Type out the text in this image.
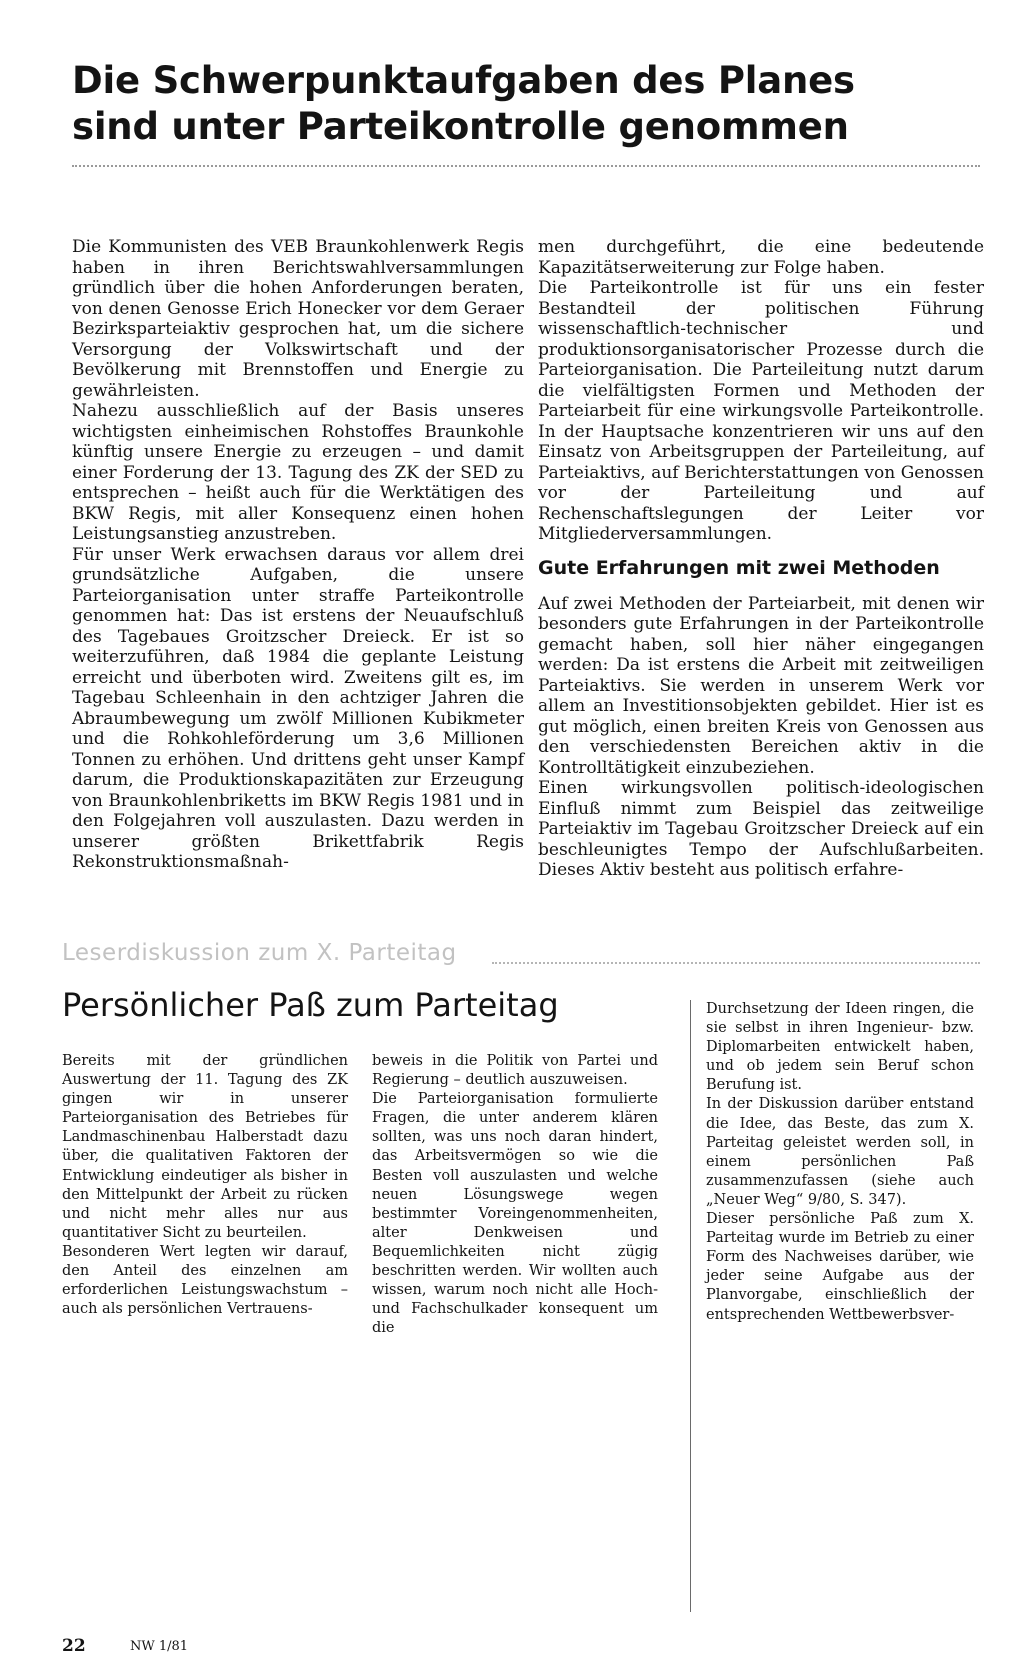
Die Schwerpunktaufgaben des Planes
sind unter Parteikontrolle genommen

Die Kommunisten des VEB Braunkohlenwerk Regis haben in ihren Berichtswahlversammlungen gründlich über die hohen Anforderungen beraten, von denen Genosse Erich Honecker vor dem Geraer Bezirksparteiaktiv gesprochen hat, um die sichere Versorgung der Volkswirtschaft und der Bevölkerung mit Brennstoffen und Energie zu gewährleisten.

Nahezu ausschließlich auf der Basis unseres wichtigsten einheimischen Rohstoffes Braunkohle künftig unsere Energie zu erzeugen – und damit einer Forderung der 13. Tagung des ZK der SED zu entsprechen – heißt auch für die Werktätigen des BKW Regis, mit aller Konsequenz einen hohen Leistungsanstieg anzustreben.

Für unser Werk erwachsen daraus vor allem drei grundsätzliche Aufgaben, die unsere Parteiorganisation unter straffe Parteikontrolle genommen hat: Das ist erstens der Neuaufschluß des Tagebaues Groitzscher Dreieck. Er ist so weiterzuführen, daß 1984 die geplante Leistung erreicht und überboten wird. Zweitens gilt es, im Tagebau Schleenhain in den achtziger Jahren die Abraumbewegung um zwölf Millionen Kubikmeter und die Rohkohleförderung um 3,6 Millionen Tonnen zu erhöhen. Und drittens geht unser Kampf darum, die Produktionskapazitäten zur Erzeugung von Braunkohlenbriketts im BKW Regis 1981 und in den Folgejahren voll auszulasten. Dazu werden in unserer größten Brikettfabrik Regis Rekonstruktionsmaßnah-

men durchgeführt, die eine bedeutende Kapazitätserweiterung zur Folge haben.

Die Parteikontrolle ist für uns ein fester Bestandteil der politischen Führung wissenschaftlich-technischer und produktionsorganisatorischer Prozesse durch die Parteiorganisation. Die Parteileitung nutzt darum die vielfältigsten Formen und Methoden der Parteiarbeit für eine wirkungsvolle Parteikontrolle. In der Hauptsache konzentrieren wir uns auf den Einsatz von Arbeitsgruppen der Parteileitung, auf Parteiaktivs, auf Berichterstattungen von Genossen vor der Parteileitung und auf Rechenschaftslegungen der Leiter vor Mitgliederversammlungen.

Gute Erfahrungen mit zwei Methoden

Auf zwei Methoden der Parteiarbeit, mit denen wir besonders gute Erfahrungen in der Parteikontrolle gemacht haben, soll hier näher eingegangen werden: Da ist erstens die Arbeit mit zeitweiligen Parteiaktivs. Sie werden in unserem Werk vor allem an Investitionsobjekten gebildet. Hier ist es gut möglich, einen breiten Kreis von Genossen aus den verschiedensten Bereichen aktiv in die Kontrolltätigkeit einzubeziehen.

Einen wirkungsvollen politisch-ideologischen Einfluß nimmt zum Beispiel das zeitweilige Parteiaktiv im Tagebau Groitzscher Dreieck auf ein beschleunigtes Tempo der Aufschlußarbeiten. Dieses Aktiv besteht aus politisch erfahre-

Leserdiskussion zum X. Parteitag
Persönlicher Paß zum Parteitag

Bereits mit der gründlichen Auswertung der 11. Tagung des ZK gingen wir in unserer Parteiorganisation des Betriebes für Landmaschinenbau Halberstadt dazu über, die qualitativen Faktoren der Entwicklung eindeutiger als bisher in den Mittelpunkt der Arbeit zu rücken und nicht mehr alles nur aus quantitativer Sicht zu beurteilen.

Besonderen Wert legten wir darauf, den Anteil des einzelnen am erforderlichen Leistungswachstum – auch als persönlichen Vertrauens-

beweis in die Politik von Partei und Regierung – deutlich auszuweisen.

Die Parteiorganisation formulierte Fragen, die unter anderem klären sollten, was uns noch daran hindert, das Arbeitsvermögen so wie die Besten voll auszulasten und welche neuen Lösungswege wegen bestimmter Voreingenommenheiten, alter Denkweisen und Bequemlichkeiten nicht zügig beschritten werden. Wir wollten auch wissen, warum noch nicht alle Hoch- und Fachschulkader konsequent um die

Durchsetzung der Ideen ringen, die sie selbst in ihren Ingenieur- bzw. Diplomarbeiten entwickelt haben, und ob jedem sein Beruf schon Berufung ist.

In der Diskussion darüber entstand die Idee, das Beste, das zum X. Parteitag geleistet werden soll, in einem persönlichen Paß zusammenzufassen (siehe auch „Neuer Weg“ 9/80, S. 347).

Dieser persönliche Paß zum X. Parteitag wurde im Betrieb zu einer Form des Nachweises darüber, wie jeder seine Aufgabe aus der Planvorgabe, einschließlich der entsprechenden Wettbewerbsver-

22	NW 1/81
